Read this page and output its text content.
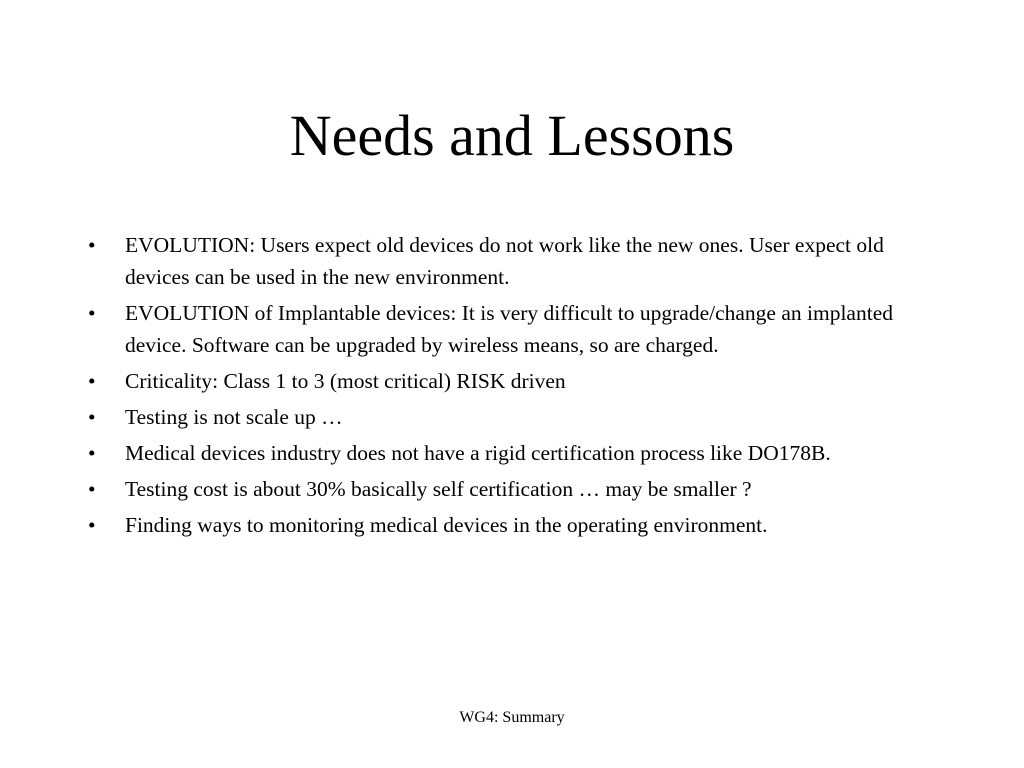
Needs and Lessons
• EVOLUTION: Users expect old devices do not work like the new ones. User expect old devices can be used in the new environment.
• EVOLUTION of Implantable devices: It is very difficult to upgrade/change an implanted device. Software can be upgraded by wireless means, so are charged.
• Criticality: Class 1 to 3 (most critical) RISK driven
• Testing is not scale up …
• Medical devices industry does not have a rigid certification process like DO178B.
• Testing cost is about 30% basically self certification … may be smaller ?
• Finding ways to monitoring medical devices in the operating environment.
WG4: Summary
